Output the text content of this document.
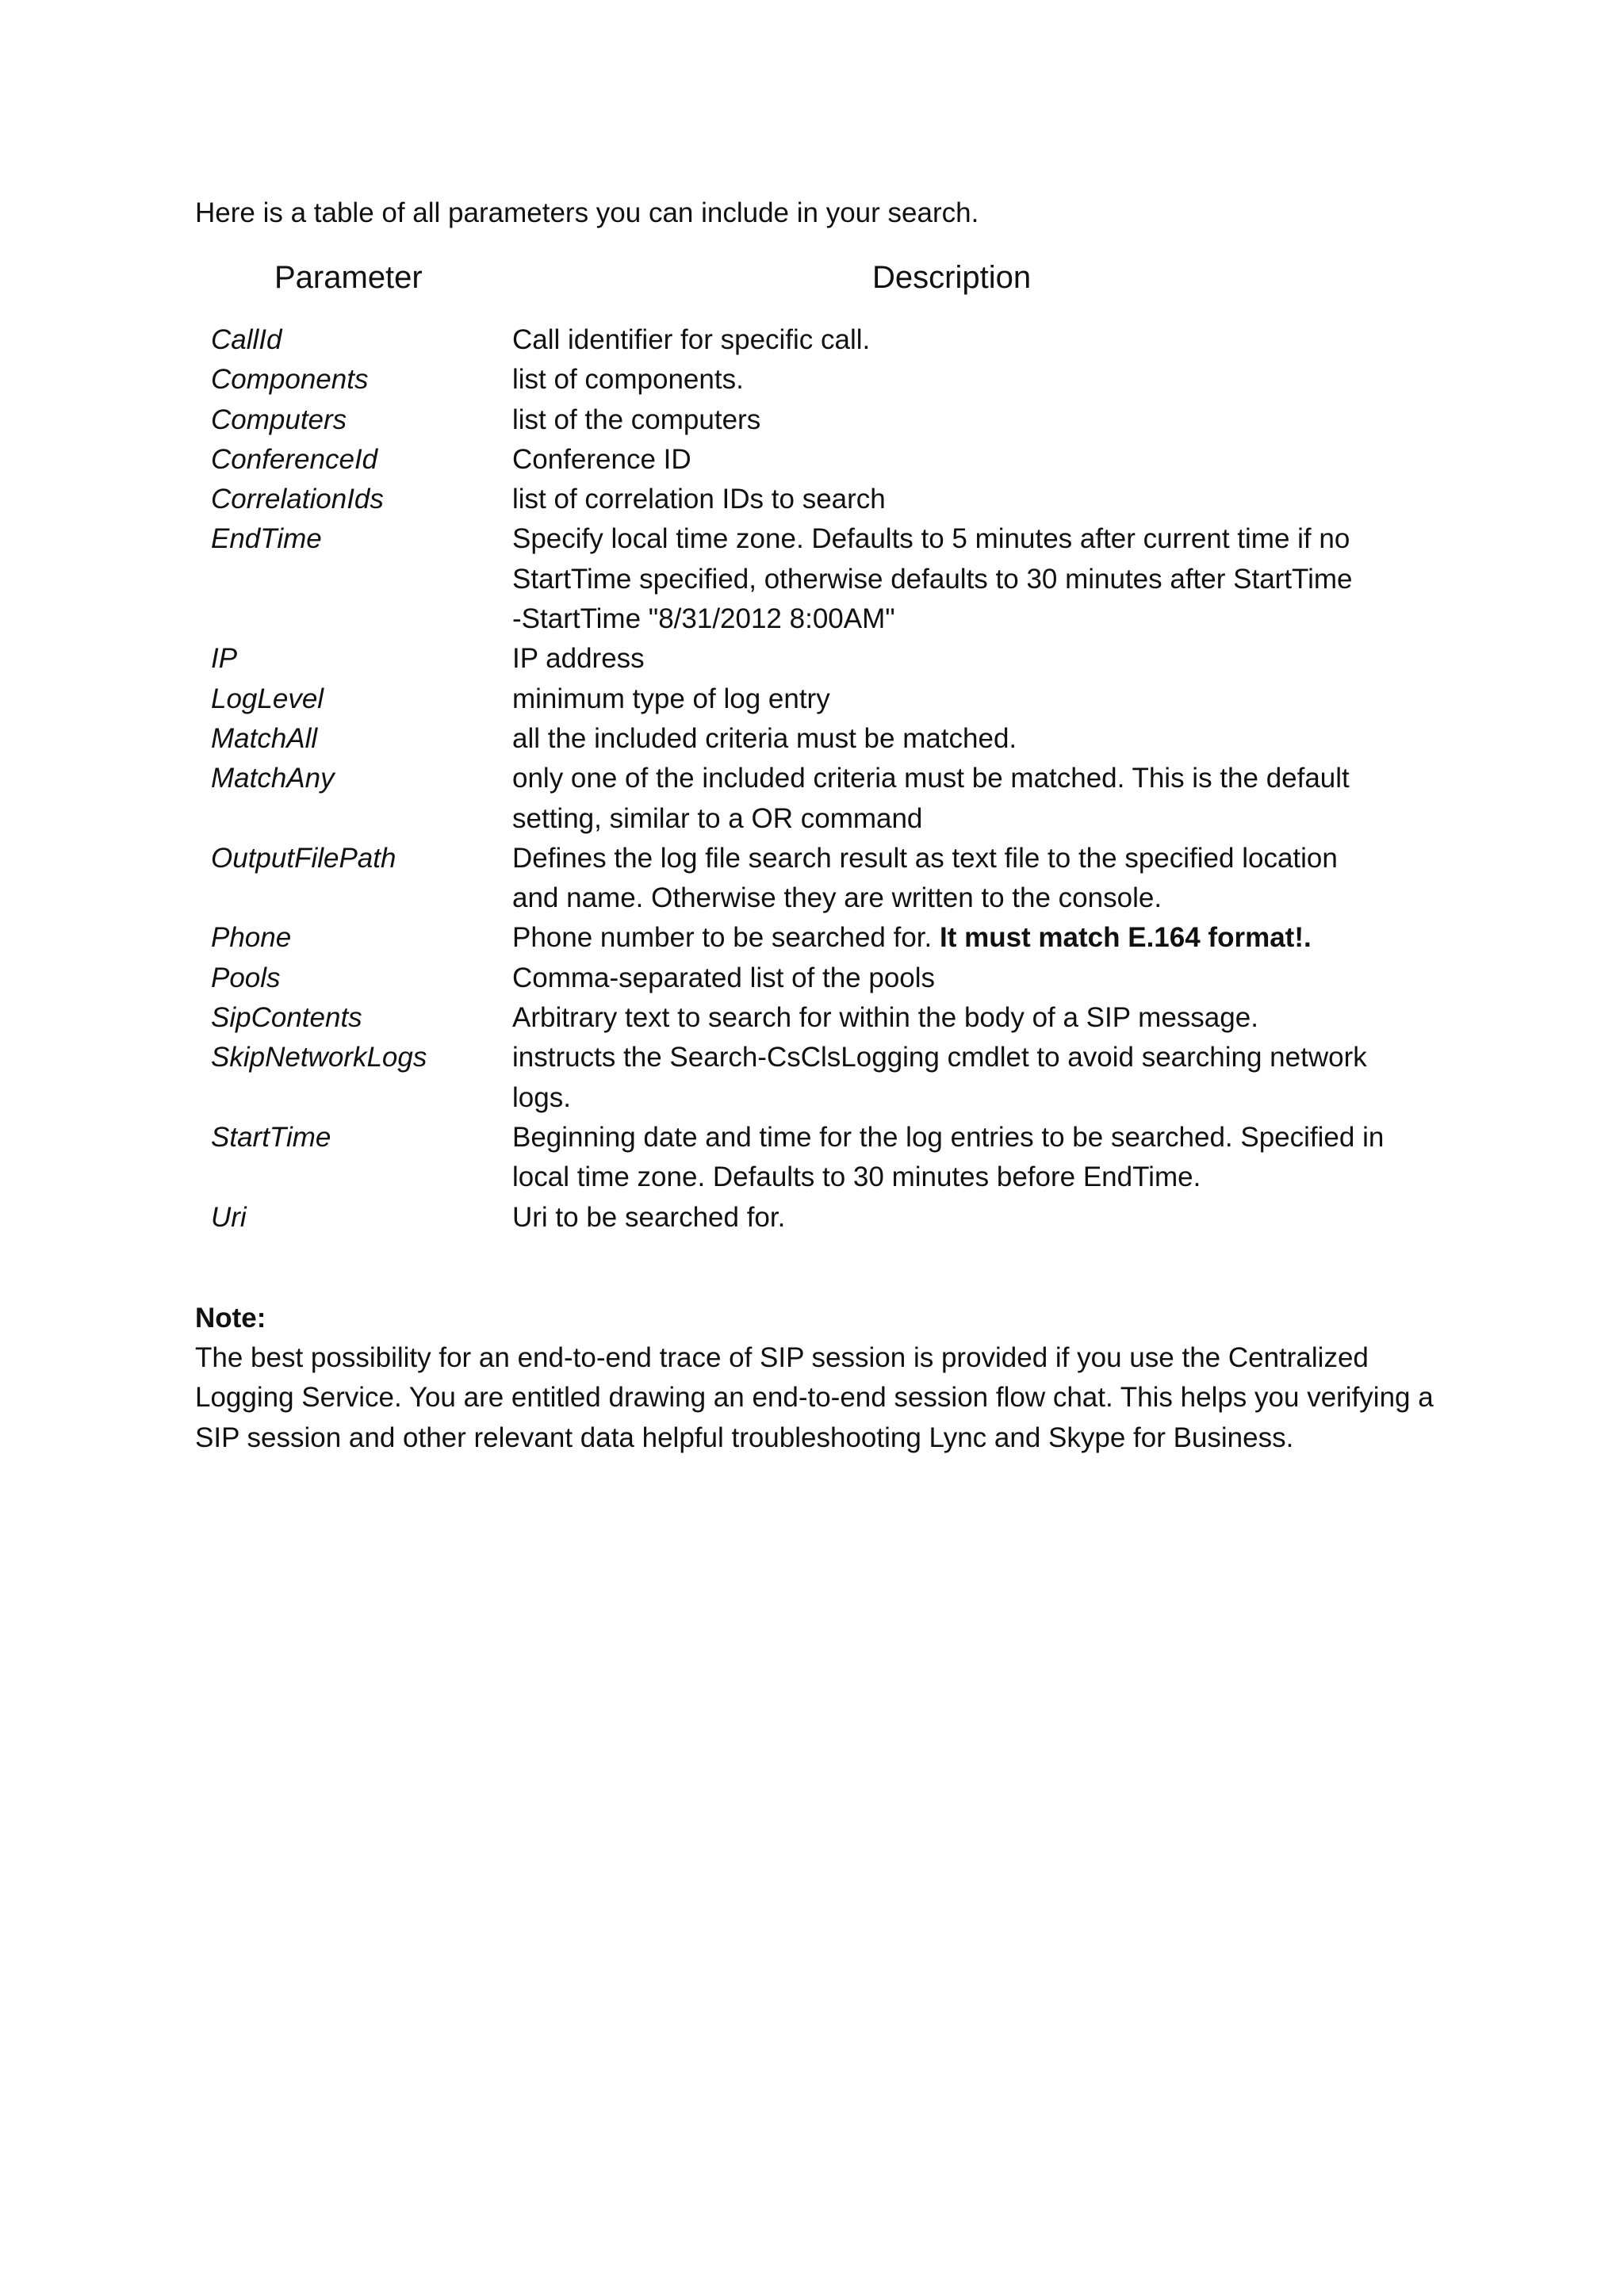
Here is a table of all parameters you can include in your search.
Parameter	Description
CallId	Call identifier for specific call.
Components	list of components.
Computers	list of the computers
ConferenceId	Conference ID
CorrelationIds	list of correlation IDs to search
EndTime	Specify local time zone. Defaults to 5 minutes after current time if no
StartTime specified, otherwise defaults to 30 minutes after StartTime
-StartTime "8/31/2012 8:00AM"
IP	IP address
LogLevel	minimum type of log entry
MatchAll	all the included criteria must be matched.
MatchAny	only one of the included criteria must be matched. This is the default
setting, similar to a OR command
OutputFilePath	Defines the log file search result as text file to the specified location
and name. Otherwise they are written to the console.
Phone	Phone number to be searched for. It must match E.164 format!.
Pools	Comma-separated list of the pools
SipContents	Arbitrary text to search for within the body of a SIP message.
SkipNetworkLogs	instructs the Search-CsClsLogging cmdlet to avoid searching network
logs.
StartTime	Beginning date and time for the log entries to be searched. Specified in
local time zone. Defaults to 30 minutes before EndTime.
Uri	Uri to be searched for.
Note:
The best possibility for an end-to-end trace of SIP session is provided if you use the Centralized
Logging Service. You are entitled drawing an end-to-end session flow chat. This helps you verifying a
SIP session and other relevant data helpful troubleshooting Lync and Skype for Business.
